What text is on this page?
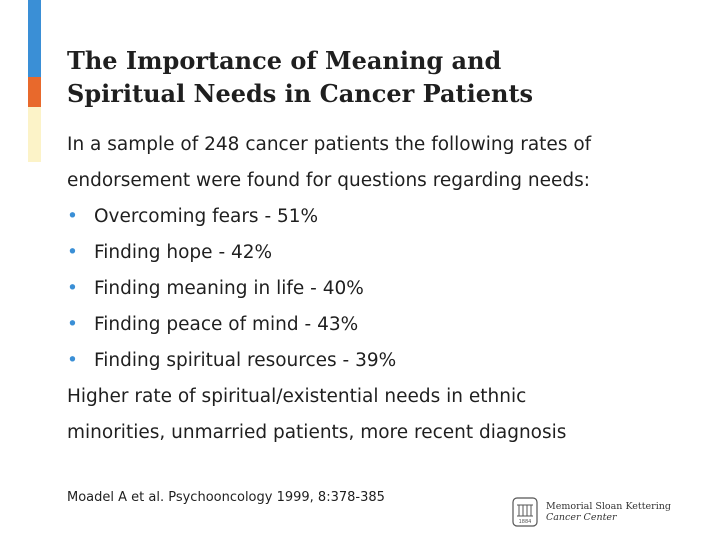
The Importance of Meaning and
Spiritual Needs in Cancer Patients

In a sample of 248 cancer patients the following rates of

endorsement were found for questions regarding needs:

• Overcoming fears - 51%
• Finding hope - 42%
• Finding meaning in life - 40%
• Finding peace of mind - 43%
• Finding spiritual resources - 39%

Higher rate of spiritual/existential needs in ethnic

minorities, unmarried patients, more recent diagnosis

Moadel A et al. Psychooncology 1999, 8:378-385

1884
Memorial Sloan Kettering
Cancer Center
